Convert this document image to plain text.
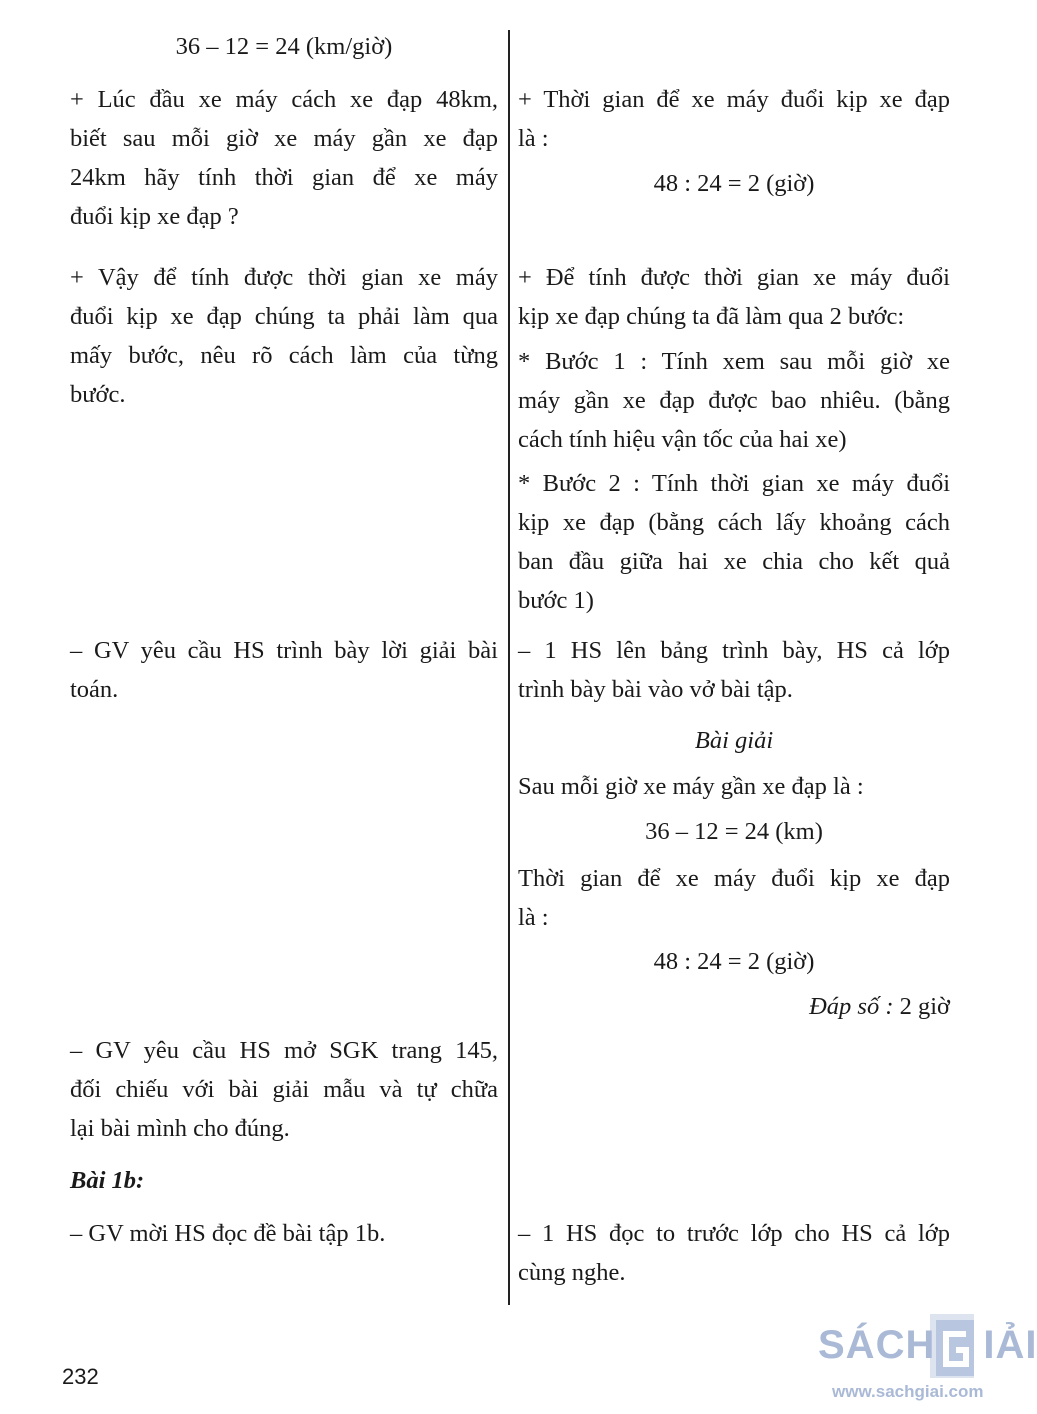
36 – 12 = 24 (km/giờ)
+ Lúc đầu xe máy cách xe đạp 48km,
biết sau mỗi giờ xe máy gần xe đạp
24km hãy tính thời gian để xe máy
đuổi kịp xe đạp ?
+ Vậy để tính được thời gian xe máy
đuổi kịp xe đạp chúng ta phải làm qua
mấy bước, nêu rõ cách làm của từng
bước.
– GV yêu cầu HS trình bày lời giải bài
toán.
– GV yêu cầu HS mở SGK trang 145,
đối chiếu với bài giải mẫu và tự chữa
lại bài mình cho đúng.
Bài 1b:
– GV mời HS đọc đề bài tập 1b.
+ Thời gian để xe máy đuổi kịp xe đạp
là :
48 : 24 = 2 (giờ)
+ Để tính được thời gian xe máy đuổi
kịp xe đạp chúng ta đã làm qua 2 bước:
* Bước 1 : Tính xem sau mỗi giờ xe
máy gần xe đạp được bao nhiêu. (bằng
cách tính hiệu vận tốc của hai xe)
* Bước 2 : Tính thời gian xe máy đuổi
kịp xe đạp (bằng cách lấy khoảng cách
ban đầu giữa hai xe chia cho kết quả
bước 1)
– 1 HS lên bảng trình bày, HS cả lớp
trình bày bài vào vở bài tập.
Bài giải
Sau mỗi giờ xe máy gần xe đạp là :
36 – 12 = 24 (km)
Thời gian để xe máy đuổi kịp xe đạp
là :
48 : 24 = 2 (giờ)
Đáp số : 2 giờ
– 1 HS đọc to trước lớp cho HS cả lớp
cùng nghe.
232
SÁCH IẢI
www.sachgiai.com
